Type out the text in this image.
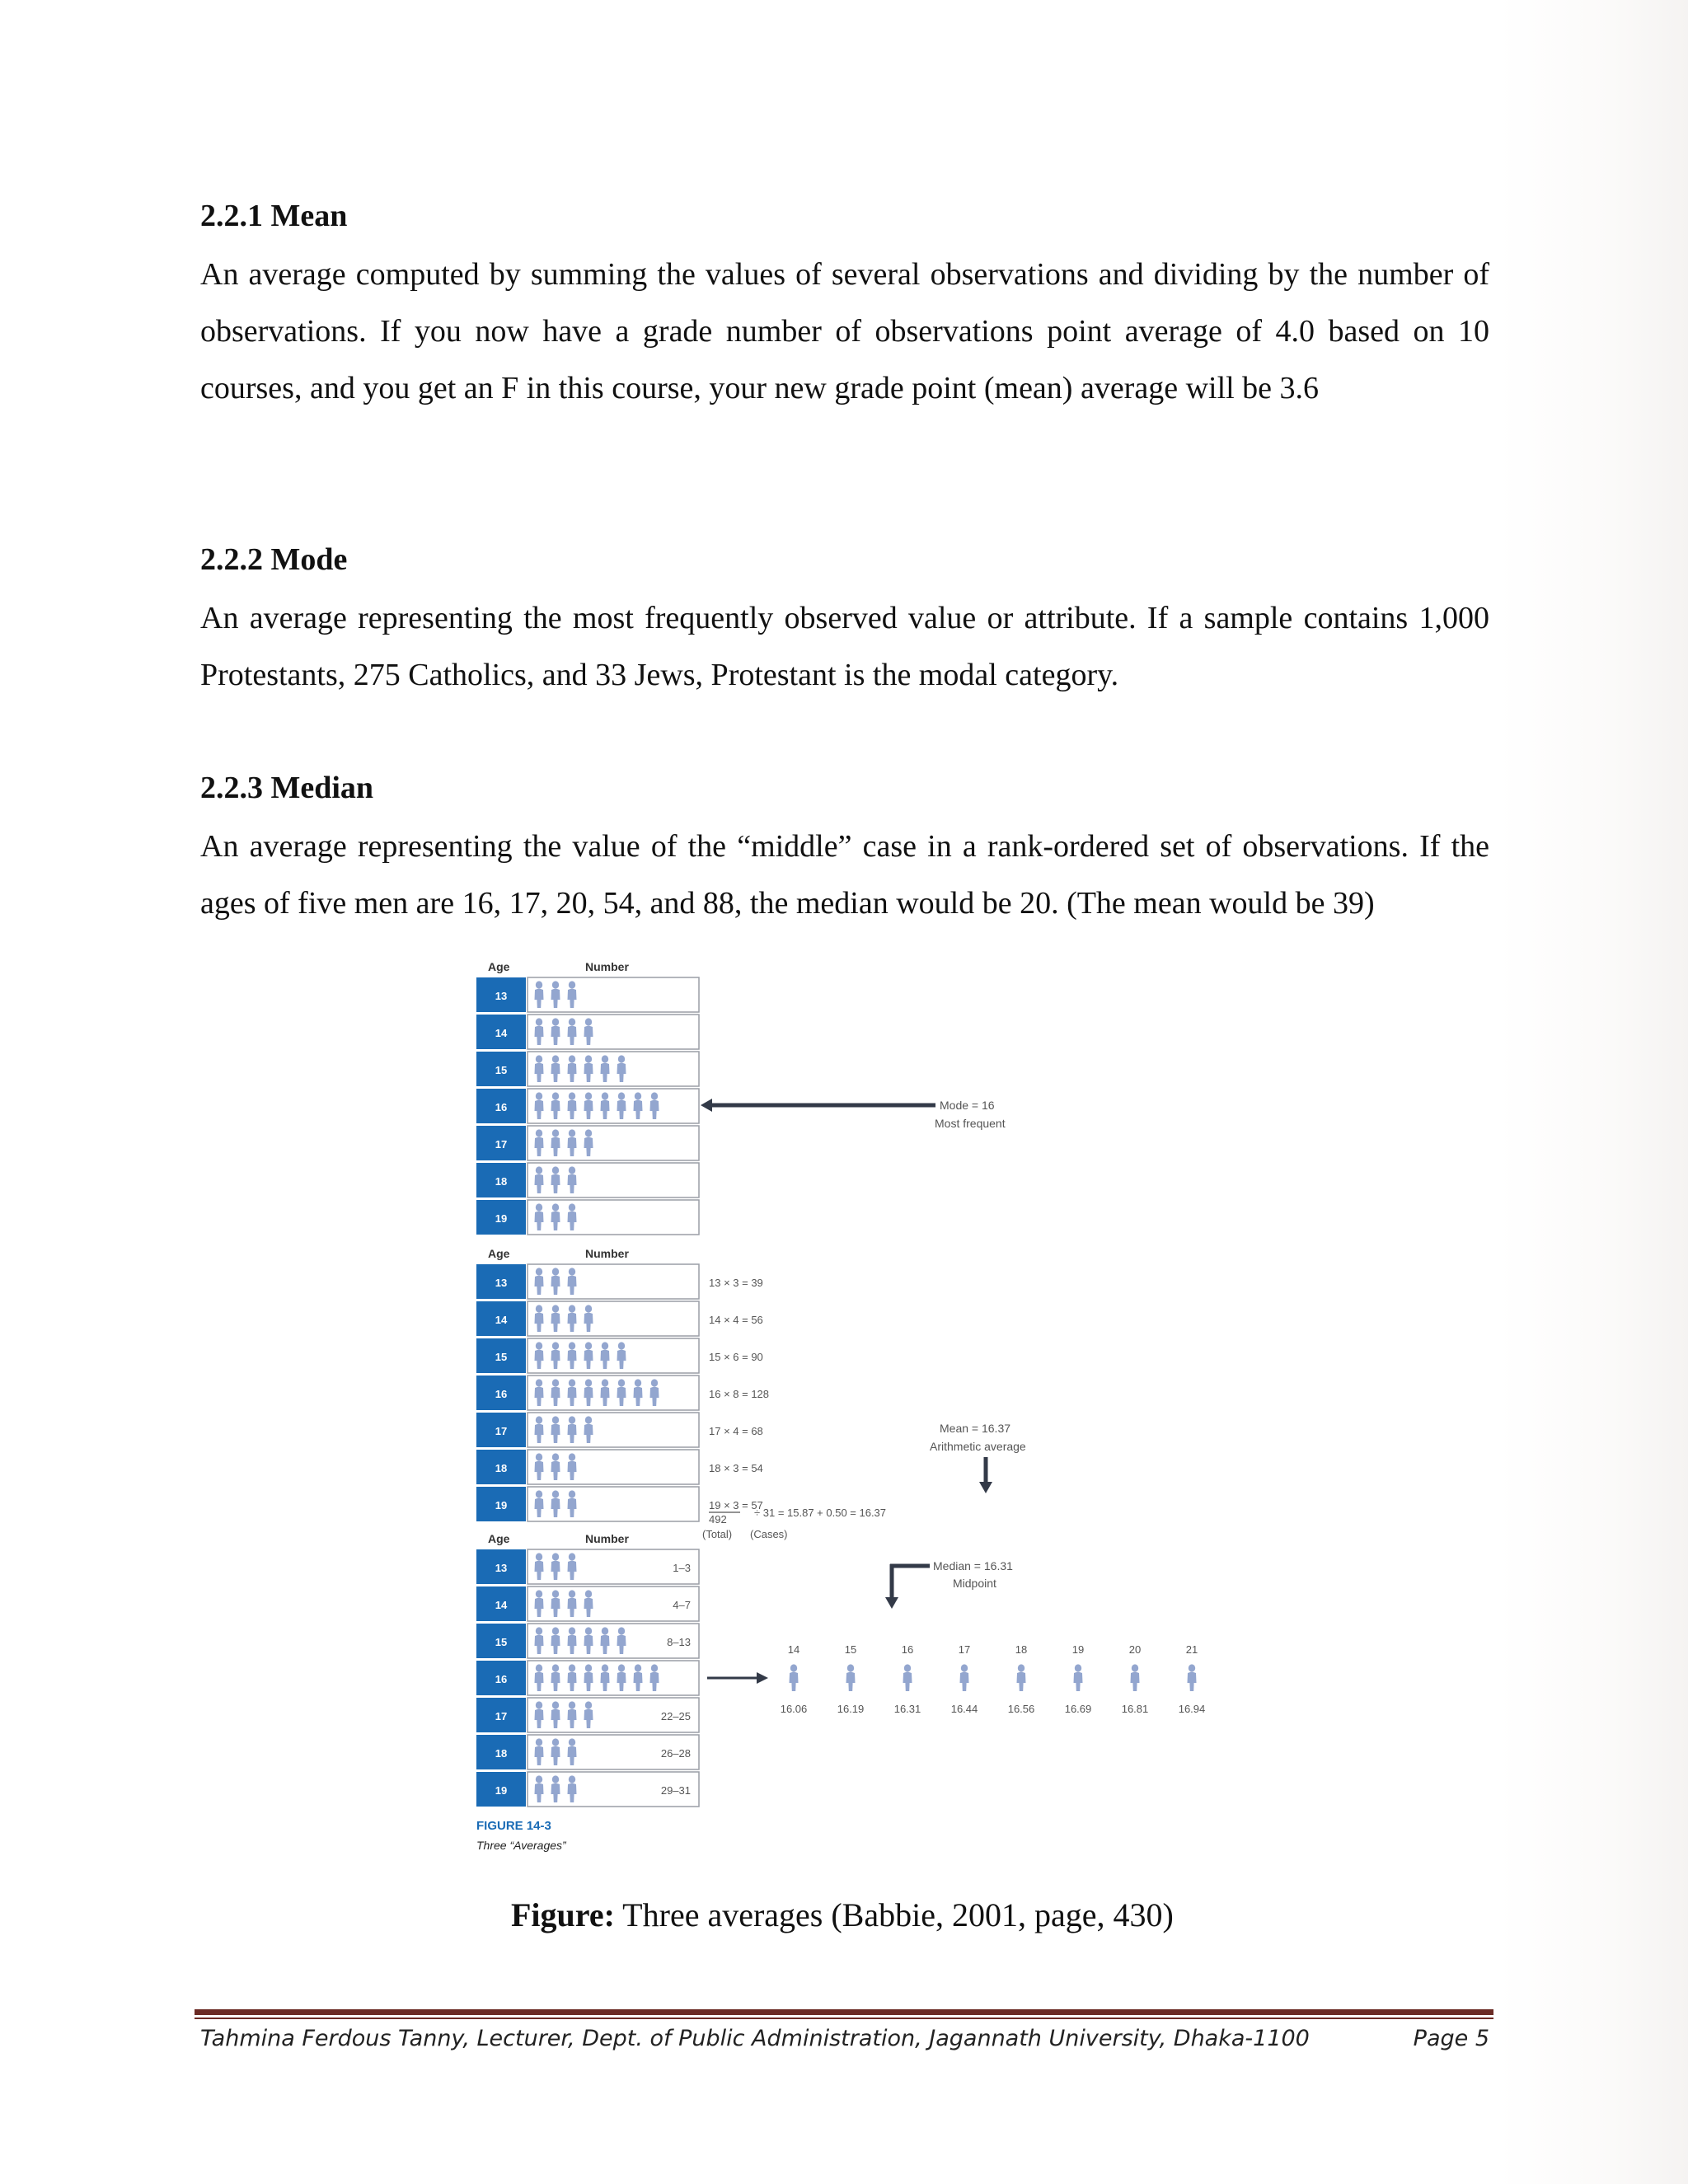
2.2.1 Mean

An average computed by summing the values of several observations and dividing by the number of observations. If you now have a grade number of observations point average of 4.0 based on 10 courses, and you get an F in this course, your new grade point (mean) average will be 3.6

2.2.2 Mode

An average representing the most frequently observed value or attribute. If a sample contains 1,000 Protestants, 275 Catholics, and 33 Jews, Protestant is the modal category.

2.2.3 Median

An average representing the value of the “middle” case in a rank-ordered set of observations. If the ages of five men are 16, 17, 20, 54, and 88, the median would be 20. (The mean would be 39)

Age	Number
13
14
15
16
17
18
19
Age	Number
13	13 × 3 = 39
14	14 × 4 = 56
15	15 × 6 = 90
16	16 × 8 = 128
17	17 × 4 = 68
18	18 × 3 = 54
19	19 × 3 = 57
Age	Number
13	1–3
14	4–7
15	8–13
16
17	22–25
18	26–28
19	29–31
Mode = 16
Most frequent
492
÷ 31 = 15.87 + 0.50 = 16.37
(Total) (Cases)
Mean = 16.37
Arithmetic average
Median = 16.31
Midpoint
14
16.06
15
16.19
16
16.31
17
16.44
18
16.56
19
16.69
20
16.81
21
16.94
FIGURE 14-3
Three “Averages”
Figure: Three averages (Babbie, 2001, page, 430)
Tahmina Ferdous Tanny, Lecturer, Dept. of Public Administration, Jagannath University, Dhaka-1100	Page 5
